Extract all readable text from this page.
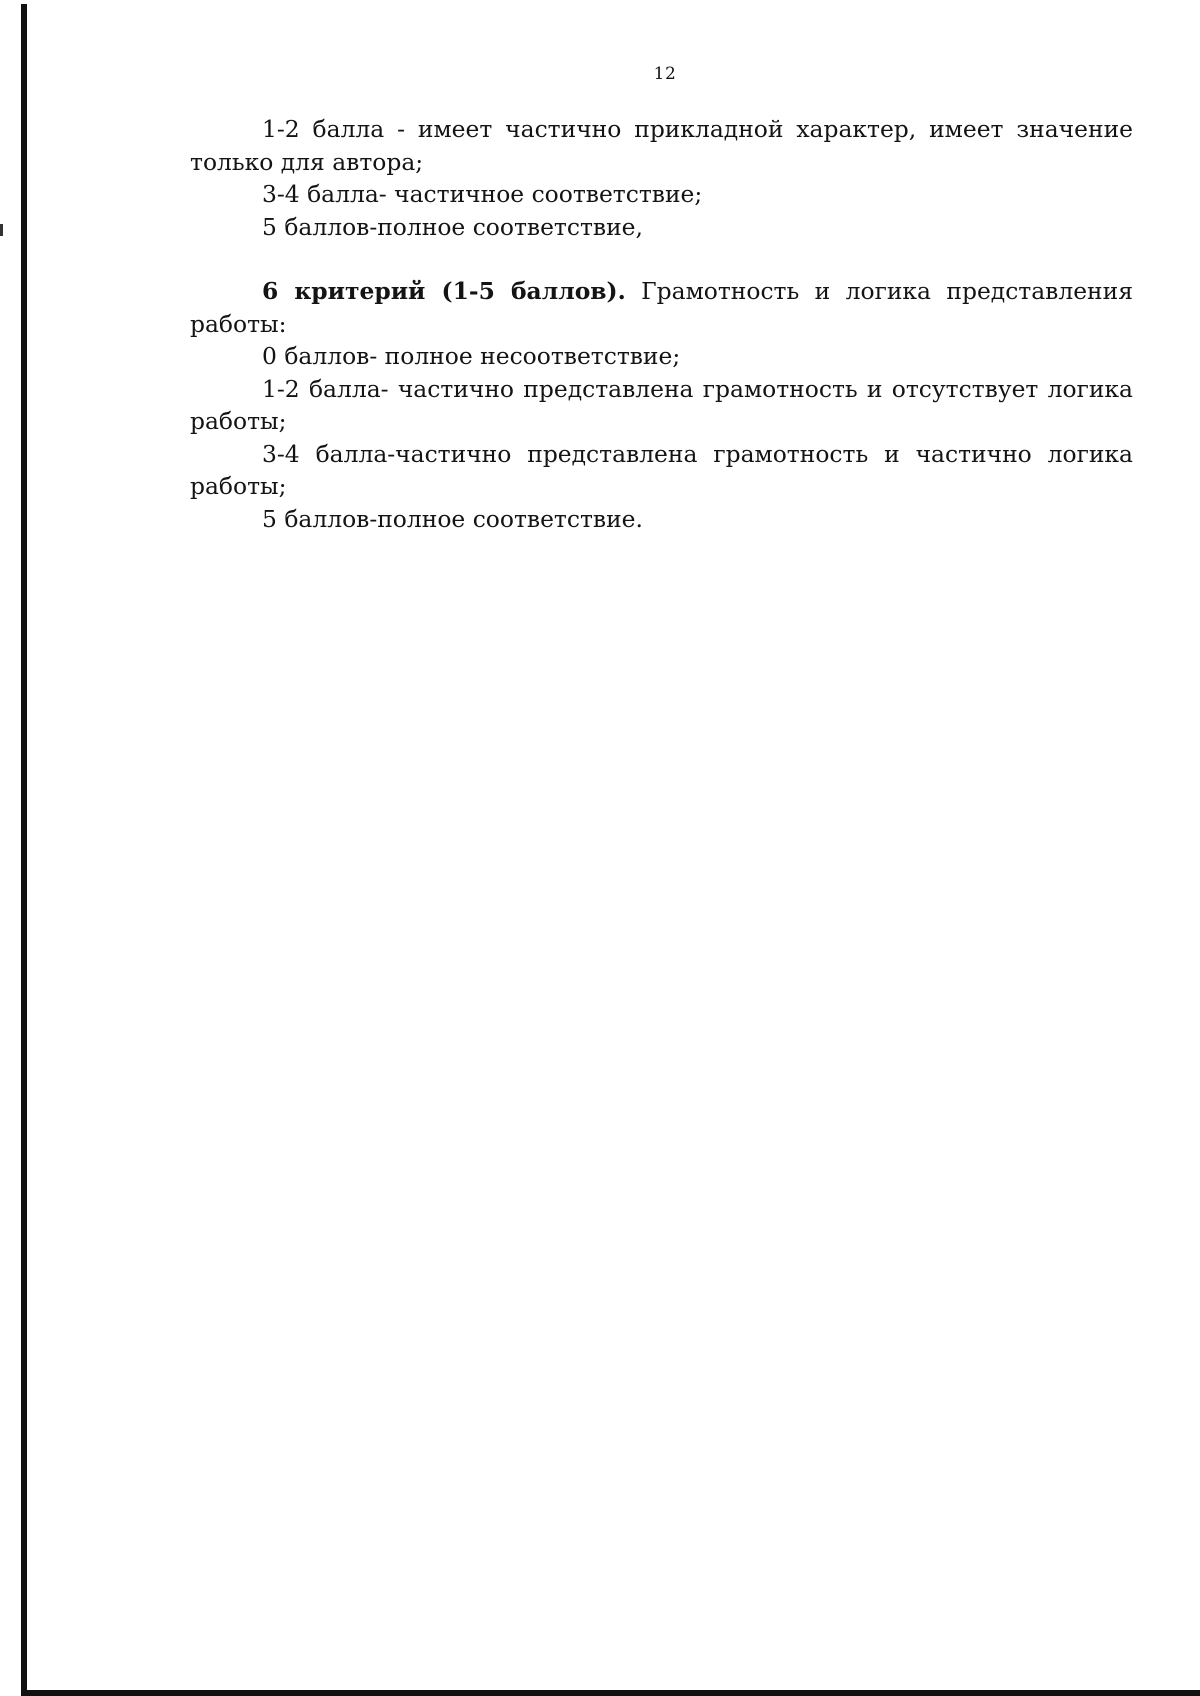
12

1-2 балла - имеет частично прикладной характер, имеет значение только для автора;

3-4 балла- частичное соответствие;

5 баллов-полное соответствие,

6 критерий (1-5 баллов). Грамотность и логика представления работы:

0 баллов- полное несоответствие;

1-2 балла- частично представлена грамотность и отсутствует логика работы;

3-4 балла-частично представлена грамотность и частично логика работы;

5 баллов-полное соответствие.
